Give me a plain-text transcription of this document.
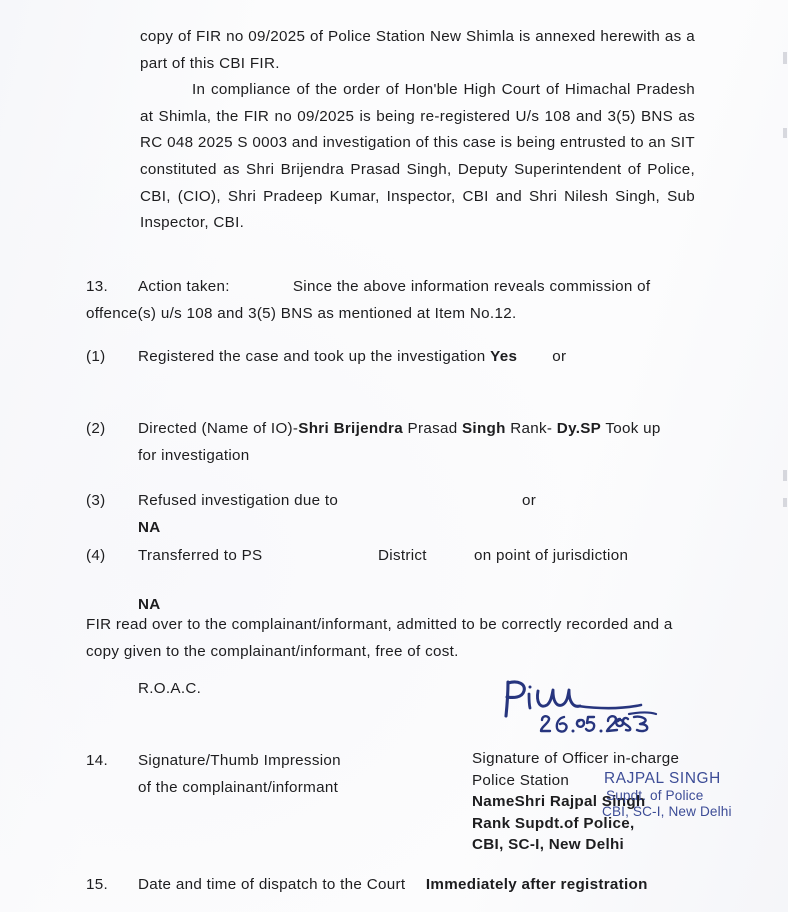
copy of FIR no 09/2025 of Police Station New Shimla is annexed herewith as a part of this CBI FIR.
In compliance of the order of Hon'ble High Court of Himachal Pradesh at Shimla, the FIR no 09/2025 is being re-registered U/s 108 and 3(5) BNS as RC 048 2025 S 0003 and investigation of this case is being entrusted to an SIT constituted as Shri Brijendra Prasad Singh, Deputy Superintendent of Police, CBI, (CIO), Shri Pradeep Kumar, Inspector, CBI and Shri Nilesh Singh, Sub Inspector, CBI.
13. Action taken:	Since the above information reveals commission of
offence(s) u/s 108 and 3(5) BNS as mentioned at Item No.12.
(1)	Registered the case and took up the investigation Yes or
(2)	Directed (Name of IO)-Shri Brijendra Prasad Singh Rank- Dy.SP Took up
for investigation
(3)	Refused investigation due to	or
NA
(4)	Transferred to PS	District	on point of jurisdiction
NA
FIR read over to the complainant/informant, admitted to be correctly recorded and a
copy given to the complainant/informant, free of cost.
R.O.A.C.
14. Signature/Thumb Impression
of the complainant/informant
Signature of Officer in-charge
Police Station
NameShri Rajpal Singh
Rank Supdt.of Police,
CBI, SC-I, New Delhi
RAJPAL SINGH
Supdt. of Police
CBI, SC-I, New Delhi
15.	Date and time of dispatch to the Court Immediately after registration
